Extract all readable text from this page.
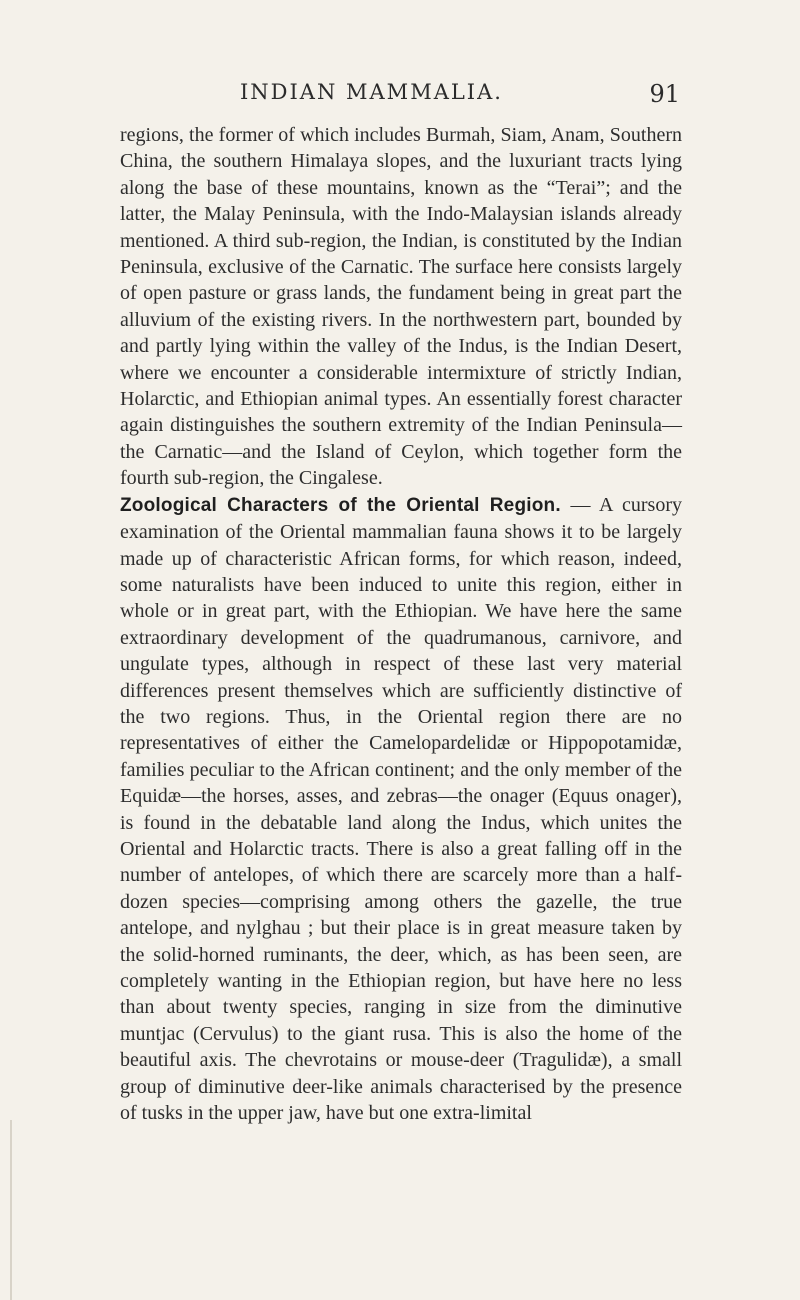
INDIAN MAMMALIA.	91

regions, the former of which includes Burmah, Siam, Anam, Southern China, the southern Himalaya slopes, and the luxuriant tracts lying along the base of these mountains, known as the “Terai”; and the latter, the Malay Peninsula, with the Indo-Malaysian islands already mentioned. A third sub-region, the Indian, is constituted by the Indian Peninsula, exclusive of the Carnatic. The surface here consists largely of open pasture or grass lands, the fundament being in great part the alluvium of the existing rivers. In the northwestern part, bounded by and partly lying within the valley of the Indus, is the Indian Desert, where we encounter a considerable intermixture of strictly Indian, Holarctic, and Ethiopian animal types. An essentially forest character again distinguishes the southern extremity of the Indian Peninsula—the Carnatic—and the Island of Ceylon, which together form the fourth sub-region, the Cingalese.

Zoological Characters of the Oriental Region. — A cursory examination of the Oriental mammalian fauna shows it to be largely made up of characteristic African forms, for which reason, indeed, some naturalists have been induced to unite this region, either in whole or in great part, with the Ethiopian. We have here the same extraordinary development of the quadrumanous, carnivore, and ungulate types, although in respect of these last very material differences present themselves which are sufficiently distinctive of the two regions. Thus, in the Oriental region there are no representatives of either the Camelopardelidæ or Hippopotamidæ, families peculiar to the African continent; and the only member of the Equidæ—the horses, asses, and zebras—the onager (Equus onager), is found in the debatable land along the Indus, which unites the Oriental and Holarctic tracts. There is also a great falling off in the number of antelopes, of which there are scarcely more than a half-dozen species—comprising among others the gazelle, the true antelope, and nylghau ; but their place is in great measure taken by the solid-horned ruminants, the deer, which, as has been seen, are completely wanting in the Ethiopian region, but have here no less than about twenty species, ranging in size from the diminutive muntjac (Cervulus) to the giant rusa. This is also the home of the beautiful axis. The chevrotains or mouse-deer (Tragulidæ), a small group of diminutive deer-like animals characterised by the presence of tusks in the upper jaw, have but one extra-limital
